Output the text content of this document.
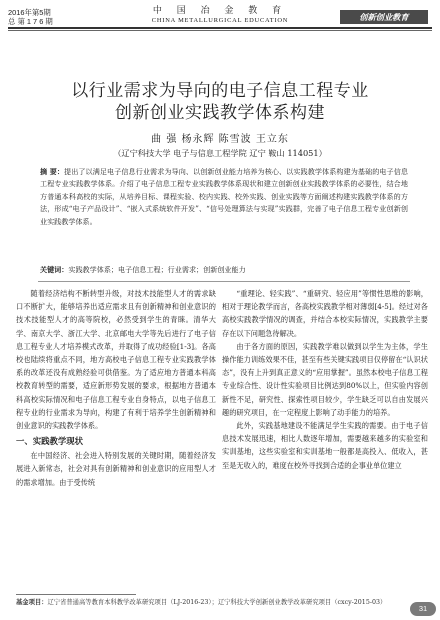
2016年第5期
总 第 1 7 6 期
中 国 冶 金 教 育
CHINA METALLURGICAL EDUCATION	创新创业教育
以行业需求为导向的电子信息工程专业
创新创业实践教学体系构建
曲 强 杨永辉 陈雪波 王立东
（辽宁科技大学 电子与信息工程学院 辽宁 鞍山 114051）
摘 要：提出了以满足电子信息行业需求为导向、以创新创业能力培养为核心、以实践教学体系构建为基础的电子信息工程专业实践教学体系。介绍了电子信息工程专业实践教学体系现状和建立创新创业实践教学体系的必要性，结合地方普通本科高校的实际，从培养目标、课程实验、校内实践、校外实践、创业实践等方面阐述构建实践教学体系的方法，形成“电子产品设计”、“嵌入式系统软件开发”、“信号处理算法与实现”实践群，完善了电子信息工程专业创新创业实践教学体系。
关键词：实践教学体系；电子信息工程；行业需求；创新创业能力

随着经济结构不断转型升级，对技术技能型人才的需求缺口不断扩大，能够培养出适应需求且有创新精神和创业意识的技术技能型人才的高等院校，必然受到学生的青睐。清华大学、南京大学、浙江大学、北京邮电大学等先后进行了电子信息工程专业人才培养模式改革，并取得了成功经验[1-3]。各高校也陆续将重点不同，地方高校电子信息工程专业实践教学体系的改革还没有成熟经验可供借鉴。为了适应地方普通本科高校教育转型的需要，适应新形势发展的要求，根据地方普通本科高校实际情况和电子信息工程专业自身特点，以电子信息工程专业的行业需求为导向，构建了有利于培养学生创新精神和创业意识的实践教学体系。

一、实践教学现状

在中国经济、社会进入特别发展的关键时期，随着经济发展进入新常态，社会对具有创新精神和创业意识的应用型人才的需求增加。由于受传统

“重理论、轻实践”、“重研究、轻应用”等惯性思维的影响，相对于理论教学而言，各高校实践教学相对薄弱[4-5]。经过对各高校实践教学情况的调查，并结合本校实际情况，实践教学主要存在以下问题急待解决。

由于各方面的原因，实践教学难以做到以学生为主体，学生操作能力训练效果不佳，甚至有些关键实践项目仅停留在“认识状态”，没有上升到真正意义的“应用掌握”。虽然本校电子信息工程专业综合性、设计性实验项目比例达到80%以上，但实验内容创新性不足，研究性、探索性项目较少，学生缺乏可以自由发展兴趣的研究项目，在一定程度上影响了动手能力的培养。

此外，实践基地建设不能满足学生实践的需要。由于电子信息技术发展迅速，相比人数逐年增加，需要越来越多的实验室和实训基地，这些实验室和实训基地一般都是高投入、低收入，甚至是无收入的，难度在校外寻找到合适的企事业单位建立

基金项目：辽宁省普通高等教育本科教学改革研究项目（LJ-2016-23）；辽宁科技大学创新创业教学改革研究项目（cxcy-2015-03）
31
